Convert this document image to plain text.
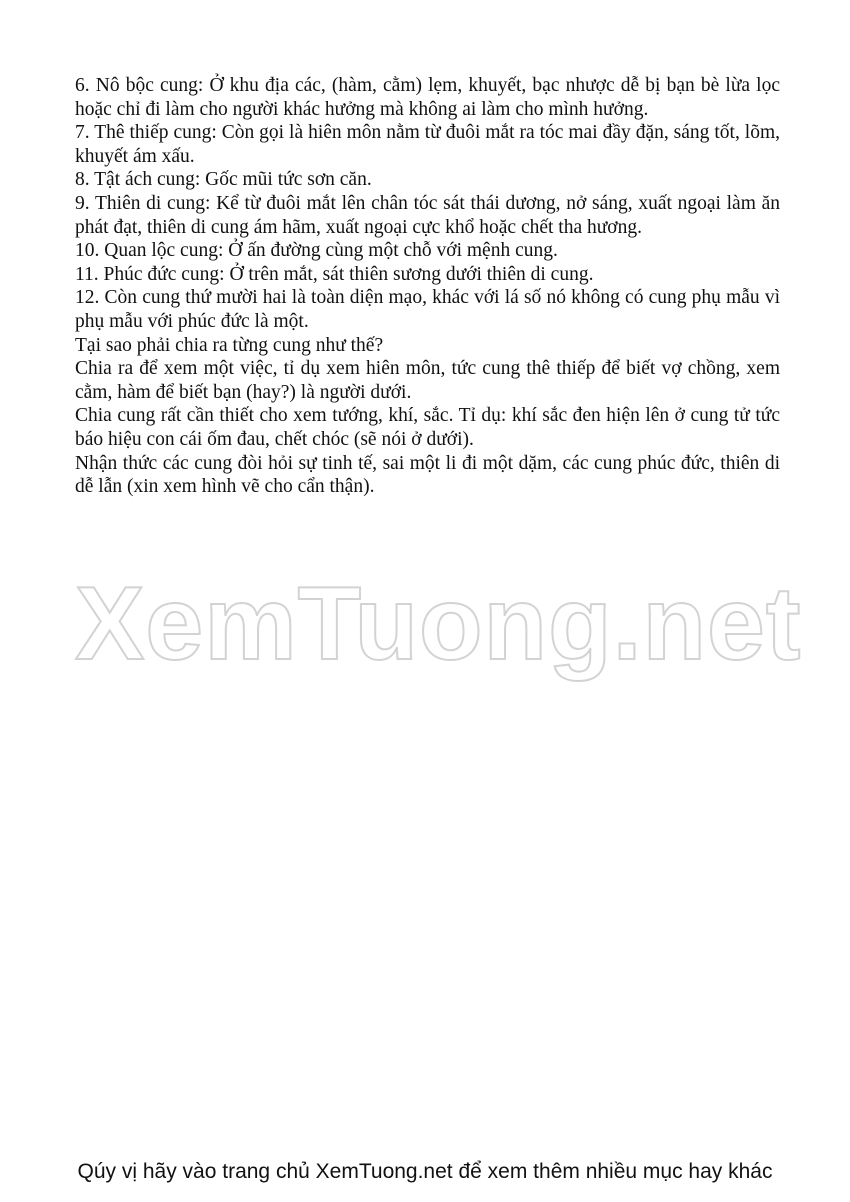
XemTuong.net

6. Nô bộc cung: Ở khu địa các, (hàm, cằm) lẹm, khuyết, bạc nhược dễ bị bạn bè lừa lọc hoặc chỉ đi làm cho người khác hưởng mà không ai làm cho mình hưởng.

7. Thê thiếp cung: Còn gọi là hiên môn nằm từ đuôi mắt ra tóc mai đầy đặn, sáng tốt, lõm, khuyết ám xấu.

8. Tật ách cung: Gốc mũi tức sơn căn.

9. Thiên di cung: Kể từ đuôi mắt lên chân tóc sát thái dương, nở sáng, xuất ngoại làm ăn phát đạt, thiên di cung ám hãm, xuất ngoại cực khổ hoặc chết tha hương.

10. Quan lộc cung: Ở ấn đường cùng một chỗ với mệnh cung.

11. Phúc đức cung: Ở trên mắt, sát thiên sương dưới thiên di cung.

12. Còn cung thứ mười hai là toàn diện mạo, khác với lá số nó không có cung phụ mẫu vì phụ mẫu với phúc đức là một.

Tại sao phải chia ra từng cung như thế?

Chia ra để xem một việc, tỉ dụ xem hiên môn, tức cung thê thiếp để biết vợ chồng, xem cằm, hàm để biết bạn (hay?) là người dưới.

Chia cung rất cần thiết cho xem tướng, khí, sắc. Tỉ dụ: khí sắc đen hiện lên ở cung tử tức báo hiệu con cái ốm đau, chết chóc (sẽ nói ở dưới).

Nhận thức các cung đòi hỏi sự tinh tế, sai một li đi một dặm, các cung phúc đức, thiên di dễ lẫn (xin xem hình vẽ cho cẩn thận).

Qúy vị hãy vào trang chủ XemTuong.net để xem thêm nhiều mục hay khác
